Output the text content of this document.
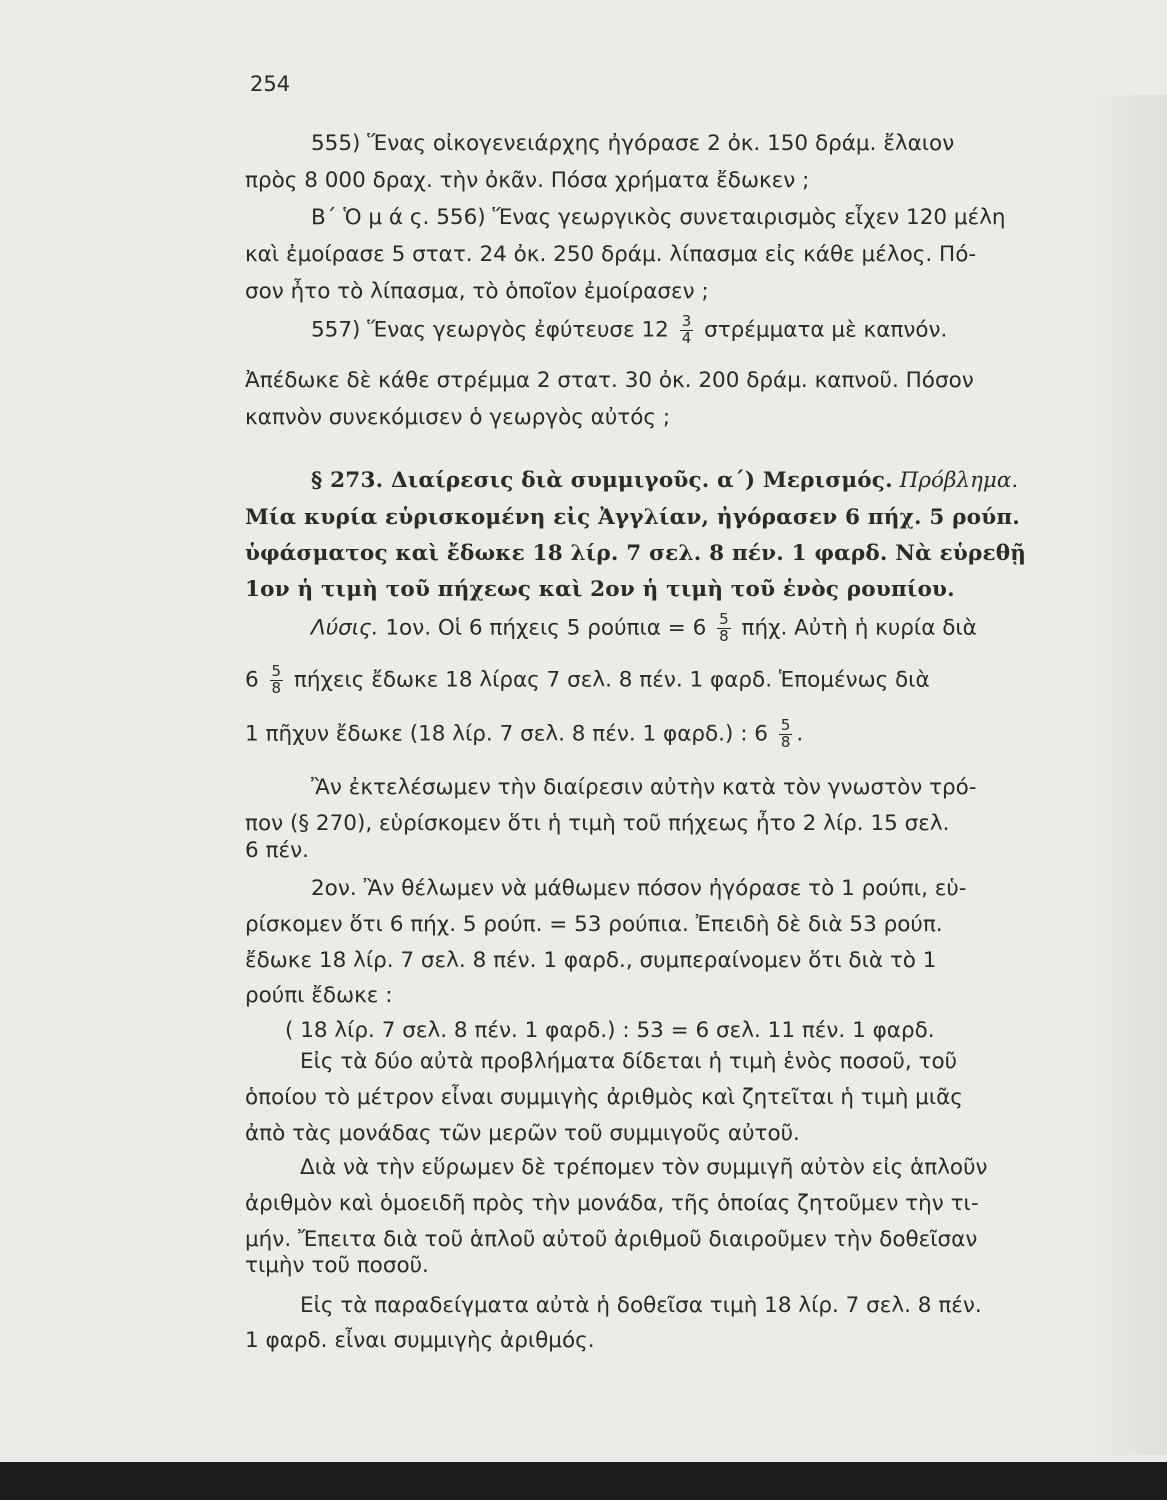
254
555) Ἕνας οἰκογενειάρχης ἠγόρασε 2 ὀκ. 150 δράμ. ἔλαιον
πρὸς 8 000 δραχ. τὴν ὀκᾶν. Πόσα χρήματα ἔδωκεν ;
Β΄ Ὁ μ ά ς. 556) Ἕνας γεωργικὸς συνεταιρισμὸς εἶχεν 120 μέλη
καὶ ἐμοίρασε 5 στατ. 24 ὀκ. 250 δράμ. λίπασμα εἰς κάθε μέλος. Πό-
σον ἦτο τὸ λίπασμα, τὸ ὁποῖον ἐμοίρασεν ;
557) Ἕνας γεωργὸς ἐφύτευσε $12 \frac{3}{4}$ στρέμματα μὲ καπνόν.
Ἀπέδωκε δὲ κάθε στρέμμα 2 στατ. 30 ὀκ. 200 δράμ. καπνοῦ. Πόσον
καπνὸν συνεκόμισεν ὁ γεωργὸς αὐτός ;
§ 273. Διαίρεσις διὰ συμμιγοῦς. α΄) Μερισμός. Πρόβλημα.
Μία κυρία εὑρισκομένη εἰς Ἀγγλίαν, ἠγόρασεν 6 πήχ. 5 ρούπ.
ὑφάσματος καὶ ἔδωκε 18 λίρ. 7 σελ. 8 πέν. 1 φαρδ. Νὰ εὑρεθῇ
1ον ἡ τιμὴ τοῦ πήχεως καὶ 2ον ἡ τιμὴ τοῦ ἑνὸς ρουπίου.
Λύσις. 1ον. Οἱ 6 πήχεις 5 $\rho oύ\pi\iota\alpha = 6 \frac{5}{8} \pi ή\chi$. Αὐτὴ ἡ κυρία διὰ
$6 \frac{5}{8}$ πήχεις ἔδωκε 18 λίρας 7 σελ. 8 πέν. 1 φαρδ. Ἑπομένως διὰ
1 πῆχυν ἔδωκε (18 λίρ. 7 σελ. 8 πέν. 1 φαρδ.) : $6 \frac{5}{8}$ .
Ἂν ἐκτελέσωμεν τὴν διαίρεσιν αὐτὴν κατὰ τὸν γνωστὸν τρό-
πον (§ 270), εὑρίσκομεν ὅτι ἡ τιμὴ τοῦ πήχεως ἦτο 2 λίρ. 15 σελ.
6 πέν.
2ον. Ἂν θέλωμεν νὰ μάθωμεν πόσον ἠγόρασε τὸ 1 ρούπι, εὑ-
ρίσκομεν ὅτι 6 πήχ. 5 ρούπ. = 53 ρούπια. Ἐπειδὴ δὲ διὰ 53 ρούπ.
ἔδωκε 18 λίρ. 7 σελ. 8 πέν. 1 φαρδ., συμπεραίνομεν ὅτι διὰ τὸ 1
ρούπι ἔδωκε :
( 18 λίρ. 7 σελ. 8 πέν. 1 φαρδ.) : 53 = 6 σελ. 11 πέν. 1 φαρδ.
Εἰς τὰ δύο αὐτὰ προβλήματα δίδεται ἡ τιμὴ ἑνὸς ποσοῦ, τοῦ
ὁποίου τὸ μέτρον εἶναι συμμιγὴς ἀριθμὸς καὶ ζητεῖται ἡ τιμὴ μιᾶς
ἀπὸ τὰς μονάδας τῶν μερῶν τοῦ συμμιγοῦς αὐτοῦ.
Διὰ νὰ τὴν εὕρωμεν δὲ τρέπομεν τὸν συμμιγῆ αὐτὸν εἰς ἁπλοῦν
ἀριθμὸν καὶ ὁμοειδῆ πρὸς τὴν μονάδα, τῆς ὁποίας ζητοῦμεν τὴν τι-
μήν. Ἔπειτα διὰ τοῦ ἁπλοῦ αὐτοῦ ἀριθμοῦ διαιροῦμεν τὴν δοθεῖσαν
τιμὴν τοῦ ποσοῦ.
Εἰς τὰ παραδείγματα αὐτὰ ἡ δοθεῖσα τιμὴ 18 λίρ. 7 σελ. 8 πέν.
1 φαρδ. εἶναι συμμιγὴς ἀριθμός.
